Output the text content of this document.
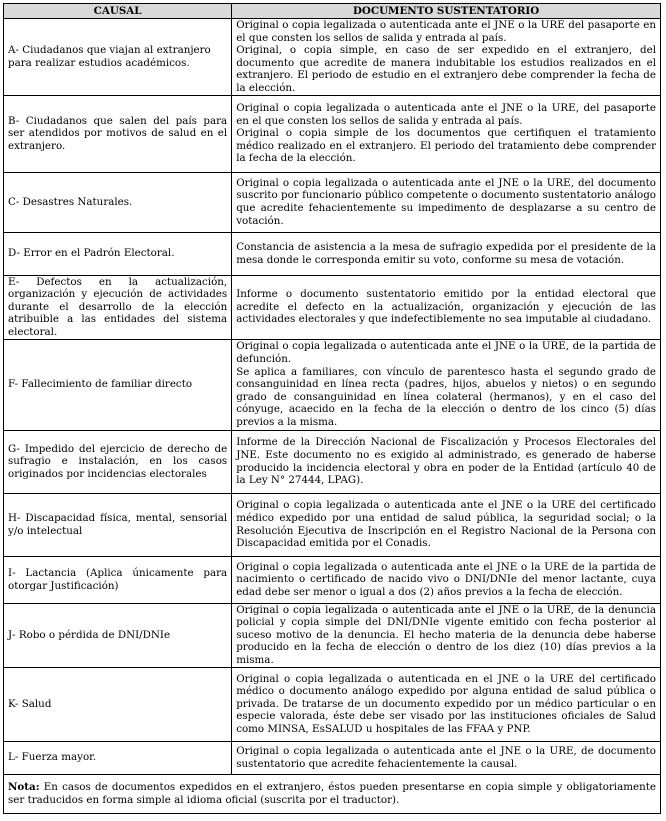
CAUSAL	DOCUMENTO SUSTENTATORIO
A- Ciudadanos que viajan al extranjero para realizar estudios académicos.	Original o copia legalizada o autenticada ante el JNE o la URE del pasaporte en el que consten los sellos de salida y entrada al país.

Original, o copia simple, en caso de ser expedido en el extranjero, del documento que acredite de manera indubitable los estudios realizados en el extranjero. El periodo de estudio en el extranjero debe comprender la fecha de la elección.

B- Ciudadanos que salen del país para ser atendidos por motivos de salud en el extranjero.	Original o copia legalizada o autenticada ante el JNE o la URE, del pasaporte en el que consten los sellos de salida y entrada al país.

Original o copia simple de los documentos que certifiquen el tratamiento médico realizado en el extranjero. El periodo del tratamiento debe comprender la fecha de la elección.

C- Desastres Naturales.	Original o copia legalizada o autenticada ante el JNE o la URE, del documento suscrito por funcionario público competente o documento sustentatorio análogo que acredite fehacientemente su impedimento de desplazarse a su centro de votación.

D- Error en el Padrón Electoral.	Constancia de asistencia a la mesa de sufragio expedida por el presidente de la mesa donde le corresponda emitir su voto, conforme su mesa de votación.

E- Defectos en la actualización, organización y ejecución de actividades durante el desarrollo de la elección atribuible a las entidades del sistema electoral.	Informe o documento sustentatorio emitido por la entidad electoral que acredite el defecto en la actualización, organización y ejecución de las actividades electorales y que indefectiblemente no sea imputable al ciudadano.

F- Fallecimiento de familiar directo	Original o copia legalizada o autenticada ante el JNE o la URE, de la partida de defunción.

Se aplica a familiares, con vínculo de parentesco hasta el segundo grado de consanguinidad en línea recta (padres, hijos, abuelos y nietos) o en segundo grado de consanguinidad en línea colateral (hermanos), y en el caso del cónyuge, acaecido en la fecha de la elección o dentro de los cinco (5) días previos a la misma.

G- Impedido del ejercicio de derecho de sufragio e instalación, en los casos originados por incidencias electorales	Informe de la Dirección Nacional de Fiscalización y Procesos Electorales del JNE. Este documento no es exigido al administrado, es generado de haberse producido la incidencia electoral y obra en poder de la Entidad (artículo 40 de la Ley N° 27444, LPAG).

H- Discapacidad física, mental, sensorial y/o intelectual	Original o copia legalizada o autenticada ante el JNE o la URE del certificado médico expedido por una entidad de salud pública, la seguridad social; o la Resolución Ejecutiva de Inscripción en el Registro Nacional de la Persona con Discapacidad emitida por el Conadis.

I- Lactancia (Aplica únicamente para otorgar Justificación)	Original o copia legalizada o autenticada ante el JNE o la URE de la partida de nacimiento o certificado de nacido vivo o DNI/DNIe del menor lactante, cuya edad debe ser menor o igual a dos (2) años previos a la fecha de elección.

J- Robo o pérdida de DNI/DNIe	Original o copia legalizada o autenticada ante el JNE o la URE, de la denuncia policial y copia simple del DNI/DNIe vigente emitido con fecha posterior al suceso motivo de la denuncia. El hecho materia de la denuncia debe haberse producido en la fecha de elección o dentro de los diez (10) días previos a la misma.

K- Salud	Original o copia legalizada o autenticada en el JNE o la URE del certificado médico o documento análogo expedido por alguna entidad de salud pública o privada. De tratarse de un documento expedido por un médico particular o en especie valorada, éste debe ser visado por las instituciones oficiales de Salud como MINSA, EsSALUD u hospitales de las FFAA y PNP.

L- Fuerza mayor.	Original o copia legalizada o autenticada ante el JNE o la URE, de documento sustentatorio que acredite fehacientemente la causal.

Nota: En casos de documentos expedidos en el extranjero, éstos pueden presentarse en copia simple y obligatoriamente ser traducidos en forma simple al idioma oficial (suscrita por el traductor).	
